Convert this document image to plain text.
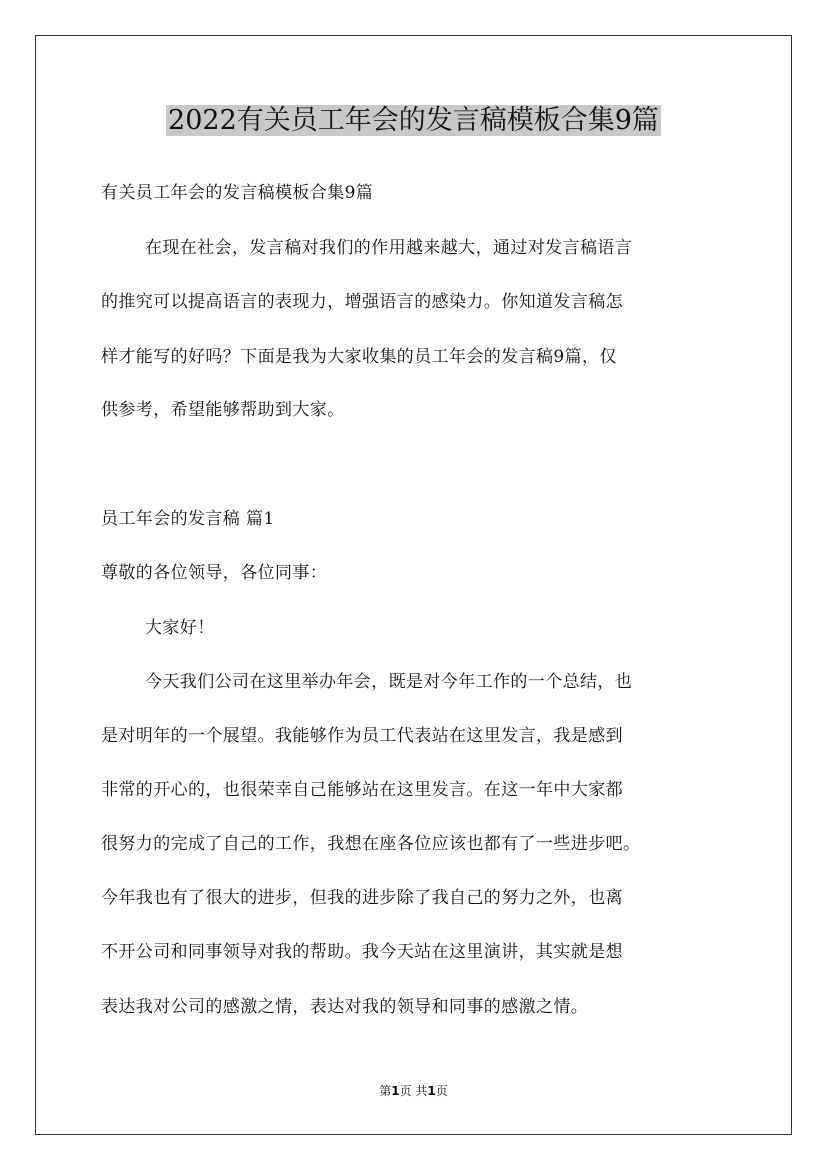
2022有关员工年会的发言稿模板合集9篇
有关员工年会的发言稿模板合集9篇
在现在社会，发言稿对我们的作用越来越大，通过对发言稿语言
的推究可以提高语言的表现力，增强语言的感染力。你知道发言稿怎
样才能写的好吗？下面是我为大家收集的员工年会的发言稿9篇，仅
供参考，希望能够帮助到大家。
员工年会的发言稿 篇1
尊敬的各位领导，各位同事：
大家好！
今天我们公司在这里举办年会，既是对今年工作的一个总结，也
是对明年的一个展望。我能够作为员工代表站在这里发言，我是感到
非常的开心的，也很荣幸自己能够站在这里发言。在这一年中大家都
很努力的完成了自己的工作，我想在座各位应该也都有了一些进步吧。
今年我也有了很大的进步，但我的进步除了我自己的努力之外，也离
不开公司和同事领导对我的帮助。我今天站在这里演讲，其实就是想
表达我对公司的感激之情，表达对我的领导和同事的感激之情。
第1页 共1页
